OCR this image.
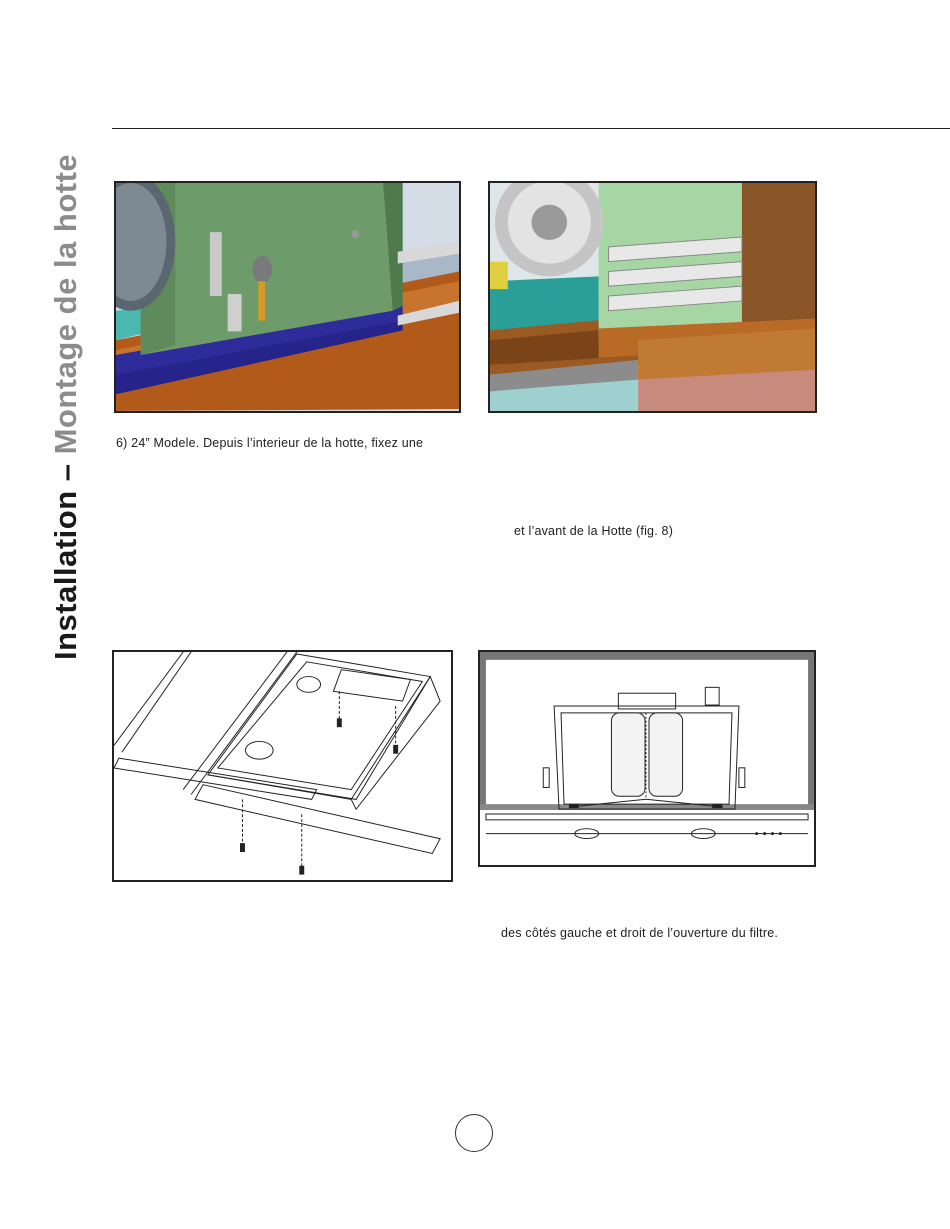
Installation – Montage de la hotte	6) 24” Modele. Depuis l’interieur de la hotte, fixez une
et l’avant de la Hotte (fig. 8)
des côtés gauche et droit de l’ouverture du filtre.
